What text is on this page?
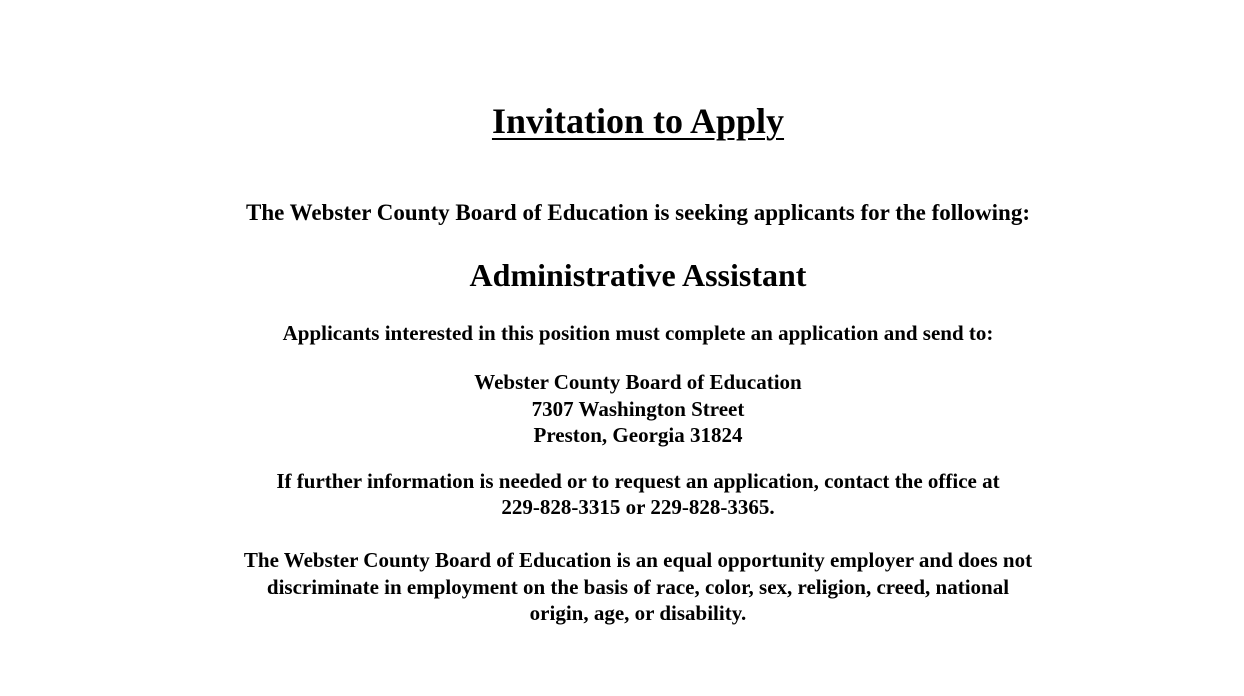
Invitation to Apply
The Webster County Board of Education is seeking applicants for the following:
Administrative Assistant
Applicants interested in this position must complete an application and send to:
Webster County Board of Education
7307 Washington Street
Preston, Georgia 31824
If further information is needed or to request an application, contact the office at
229-828-3315 or 229-828-3365.
The Webster County Board of Education is an equal opportunity employer and does not
discriminate in employment on the basis of race, color, sex, religion, creed, national
origin, age, or disability.
